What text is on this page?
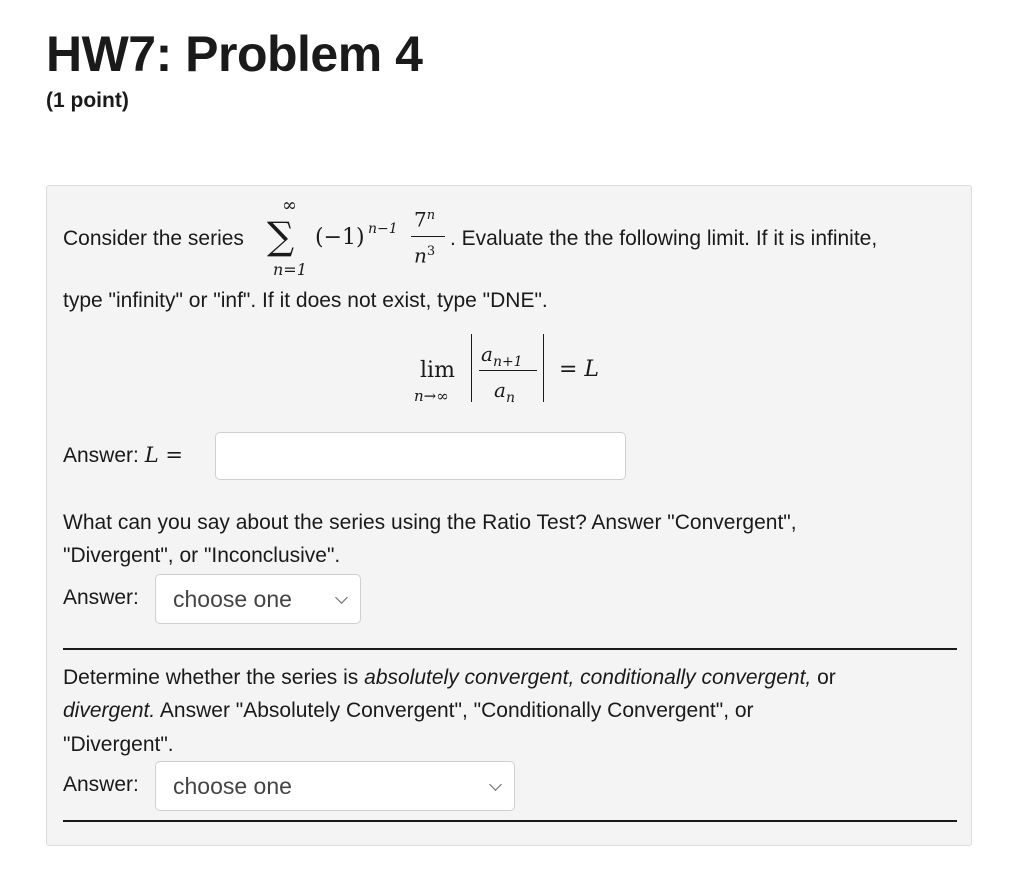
HW7: Problem 4
(1 point)
Consider the series
∞
∑
n=1
(−1) n−1 7$^n$
$n^3$
. Evaluate the the following limit. If it is infinite,
type "infinity" or "inf". If it does not exist, type "DNE".
lim
n→∞
$a_{n+1}$
$a_n$
= L
Answer: L =
What can you say about the series using the Ratio Test? Answer "Convergent",
"Divergent", or "Inconclusive".
Answer:	choose one
Determine whether the series is absolutely convergent, conditionally convergent, or
divergent. Answer "Absolutely Convergent", "Conditionally Convergent", or
"Divergent".
Answer:	choose one
